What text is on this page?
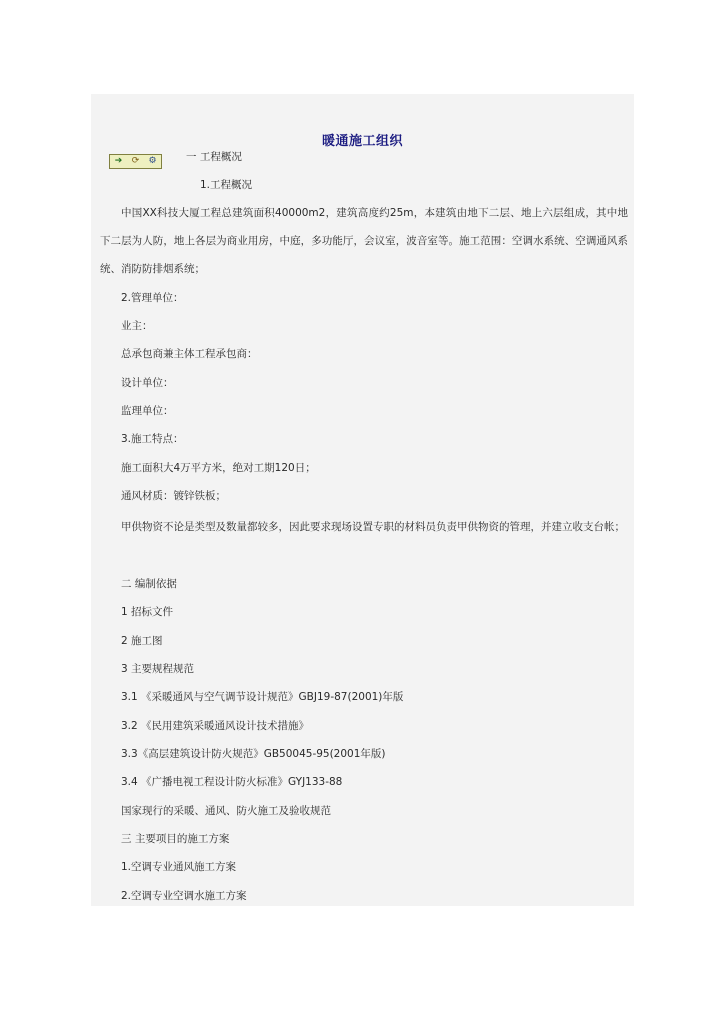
暖通施工组织
➔	⟳	⚙	一 工程概况
1.工程概况
中国XX科技大厦工程总建筑面积40000m2，建筑高度约25m，本建筑由地下二层、地上六层组成，其中地下二层为人防，地上各层为商业用房，中庭，多功能厅，会议室，波音室等。施工范围：空调水系统、空调通风系统、消防防排烟系统；
2.管理单位：
业主：
总承包商兼主体工程承包商：
设计单位：
监理单位：
3.施工特点：
施工面积大4万平方米，绝对工期120日；
通风材质：镀锌铁板；
甲供物资不论是类型及数量都较多，因此要求现场设置专职的材料员负责甲供物资的管理，并建立收支台帐；
二 编制依据
1 招标文件
2 施工图
3 主要规程规范
3.1 《采暖通风与空气调节设计规范》GBJ19-87(2001)年版
3.2 《民用建筑采暖通风设计技术措施》
3.3《高层建筑设计防火规范》GB50045-95(2001年版)
3.4 《广播电视工程设计防火标准》GYJ133-88
国家现行的采暖、通风、防火施工及验收规范
三 主要项目的施工方案
1.空调专业通风施工方案
2.空调专业空调水施工方案
